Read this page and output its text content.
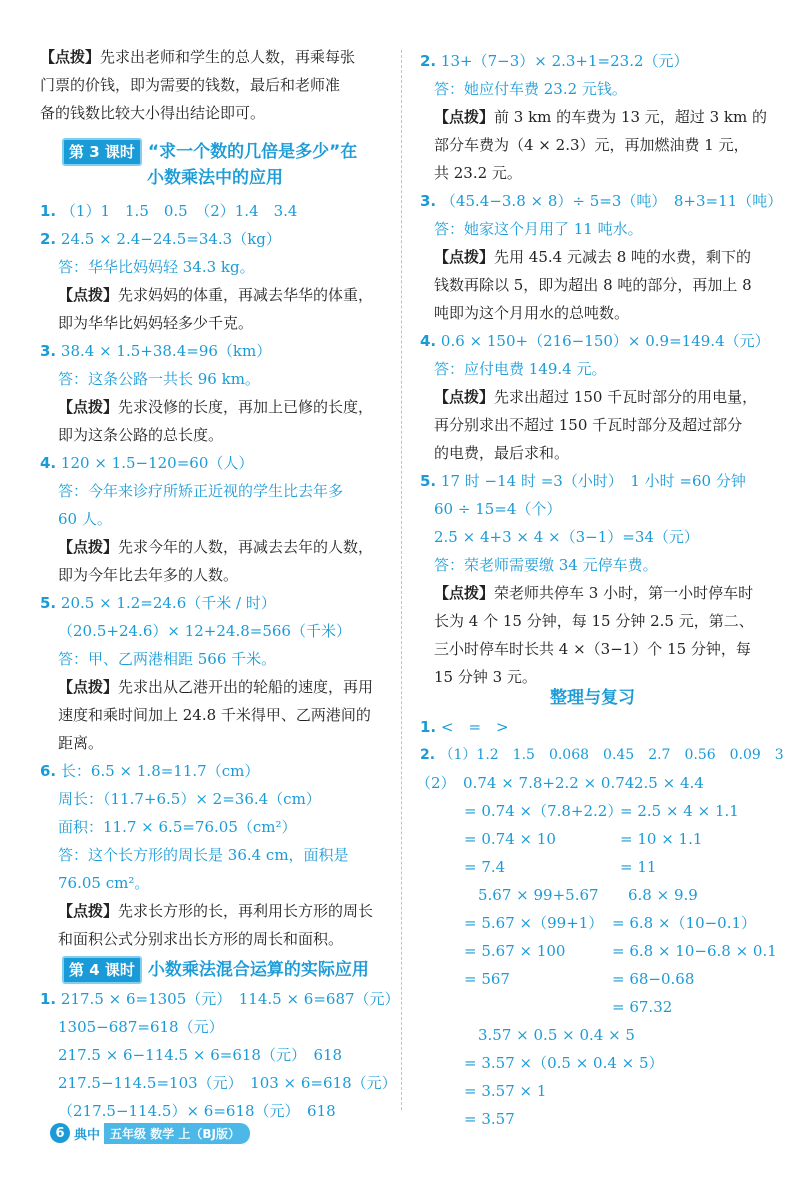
【点拨】先求出老师和学生的总人数，再乘每张
门票的价钱，即为需要的钱数，最后和老师准
备的钱数比较大小得出结论即可。
第 3 课时 “求一个数的几倍是多少”在
小数乘法中的应用
1. （1）1　1.5　0.5　（2）1.4　3.4
2. 24.5 × 2.4−24.5=34.3（kg）
答：华华比妈妈轻 34.3 kg。
【点拨】先求妈妈的体重，再减去华华的体重，
即为华华比妈妈轻多少千克。
3. 38.4 × 1.5+38.4=96（km）
答：这条公路一共长 96 km。
【点拨】先求没修的长度，再加上已修的长度，
即为这条公路的总长度。
4. 120 × 1.5−120=60（人）
答：今年来诊疗所矫正近视的学生比去年多
60 人。
【点拨】先求今年的人数，再减去去年的人数，
即为今年比去年多的人数。
5. 20.5 × 1.2=24.6（千米 / 时）
（20.5+24.6）× 12+24.8=566（千米）
答：甲、乙两港相距 566 千米。
【点拨】先求出从乙港开出的轮船的速度，再用
速度和乘时间加上 24.8 千米得甲、乙两港间的
距离。
6. 长：6.5 × 1.8=11.7（cm）
周长：（11.7+6.5）× 2=36.4（cm）
面积：11.7 × 6.5=76.05（cm²）
答：这个长方形的周长是 36.4 cm，面积是
76.05 cm²。
【点拨】先求长方形的长，再利用长方形的周长
和面积公式分别求出长方形的周长和面积。
第 4 课时 小数乘法混合运算的实际应用
1. 217.5 × 6=1305（元）　114.5 × 6=687（元）
1305−687=618（元）
217.5 × 6−114.5 × 6=618（元）　618
217.5−114.5=103（元）　103 × 6=618（元）
（217.5−114.5）× 6=618（元）　618
2. 13+（7−3）× 2.3+1=23.2（元）
答：她应付车费 23.2 元钱。
【点拨】前 3 km 的车费为 13 元，超过 3 km 的
部分车费为（4 × 2.3）元，再加燃油费 1 元，
共 23.2 元。
3. （45.4−3.8 × 8）÷ 5=3（吨）　8+3=11（吨）
答：她家这个月用了 11 吨水。
【点拨】先用 45.4 元减去 8 吨的水费，剩下的
钱数再除以 5，即为超出 8 吨的部分，再加上 8
吨即为这个月用水的总吨数。
4. 0.6 × 150+（216−150）× 0.9=149.4（元）
答：应付电费 149.4 元。
【点拨】先求出超过 150 千瓦时部分的用电量，
再分别求出不超过 150 千瓦时部分及超过部分
的电费，最后求和。
5. 17 时 −14 时 =3（小时）　1 小时 =60 分钟
60 ÷ 15=4（个）
2.5 × 4+3 × 4 ×（3−1）=34（元）
答：荣老师需要缴 34 元停车费。
【点拨】荣老师共停车 3 小时，第一小时停车时
长为 4 个 15 分钟，每 15 分钟 2.5 元，第二、
三小时停车时长共 4 ×（3−1）个 15 分钟，每
15 分钟 3 元。
整理与复习
1. <　=　>
2. （1）1.2　1.5　0.068　0.45　2.7　0.56　0.09　3
（2）　0.74 × 7.8+2.2 × 0.74
= 0.74 ×（7.8+2.2）
= 0.74 × 10
= 7.4
2.5 × 4.4
= 2.5 × 4 × 1.1
= 10 × 1.1
= 11
5.67 × 99+5.67
= 5.67 ×（99+1）
= 5.67 × 100
= 567
6.8 × 9.9
= 6.8 ×（10−0.1）
= 6.8 × 10−6.8 × 0.1
= 68−0.68
= 67.32
3.57 × 0.5 × 0.4 × 5
= 3.57 ×（0.5 × 0.4 × 5）
= 3.57 × 1
= 3.57
6 典中 五年级 数学 上（BJ版）
